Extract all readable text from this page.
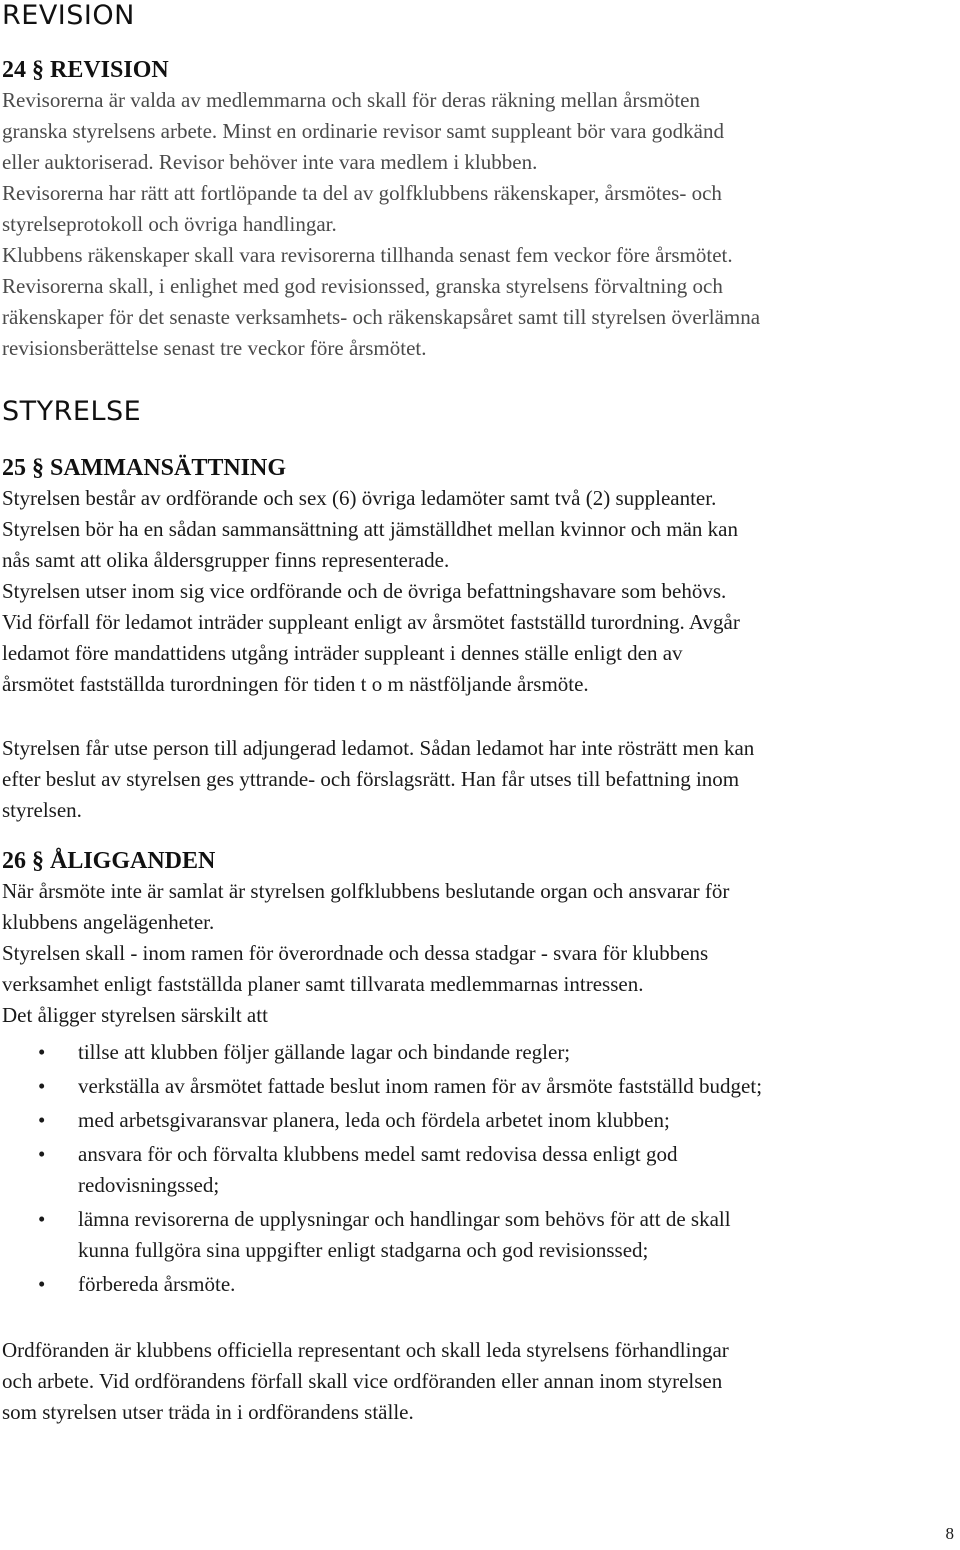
REVISION
24 § REVISION

Revisorerna är valda av medlemmarna och skall för deras räkning mellan årsmöten
granska styrelsens arbete. Minst en ordinarie revisor samt suppleant bör vara godkänd
eller auktoriserad. Revisor behöver inte vara medlem i klubben.
Revisorerna har rätt att fortlöpande ta del av golfklubbens räkenskaper, årsmötes- och
styrelseprotokoll och övriga handlingar.
Klubbens räkenskaper skall vara revisorerna tillhanda senast fem veckor före årsmötet.
Revisorerna skall, i enlighet med god revisionssed, granska styrelsens förvaltning och
räkenskaper för det senaste verksamhets- och räkenskapsåret samt till styrelsen överlämna
revisionsberättelse senast tre veckor före årsmötet.

STYRELSE
25 § SAMMANSÄTTNING

Styrelsen består av ordförande och sex (6) övriga ledamöter samt två (2) suppleanter.
Styrelsen bör ha en sådan sammansättning att jämställdhet mellan kvinnor och män kan
nås samt att olika åldersgrupper finns representerade.
Styrelsen utser inom sig vice ordförande och de övriga befattningshavare som behövs.
Vid förfall för ledamot inträder suppleant enligt av årsmötet fastställd turordning. Avgår
ledamot före mandattidens utgång inträder suppleant i dennes ställe enligt den av
årsmötet fastställda turordningen för tiden t o m nästföljande årsmöte.

Styrelsen får utse person till adjungerad ledamot. Sådan ledamot har inte rösträtt men kan
efter beslut av styrelsen ges yttrande- och förslagsrätt. Han får utses till befattning inom
styrelsen.

26 § ÅLIGGANDEN

När årsmöte inte är samlat är styrelsen golfklubbens beslutande organ och ansvarar för
klubbens angelägenheter.
Styrelsen skall - inom ramen för överordnade och dessa stadgar - svara för klubbens
verksamhet enligt fastställda planer samt tillvarata medlemmarnas intressen.
Det åligger styrelsen särskilt att

• tillse att klubben följer gällande lagar och bindande regler;
• verkställa av årsmötet fattade beslut inom ramen för av årsmöte fastställd budget;
• med arbetsgivaransvar planera, leda och fördela arbetet inom klubben;
• ansvara för och förvalta klubbens medel samt redovisa dessa enligt god
redovisningssed;
• lämna revisorerna de upplysningar och handlingar som behövs för att de skall
kunna fullgöra sina uppgifter enligt stadgarna och god revisionssed;
• förbereda årsmöte.

Ordföranden är klubbens officiella representant och skall leda styrelsens förhandlingar
och arbete. Vid ordförandens förfall skall vice ordföranden eller annan inom styrelsen
som styrelsen utser träda in i ordförandens ställe.

8
